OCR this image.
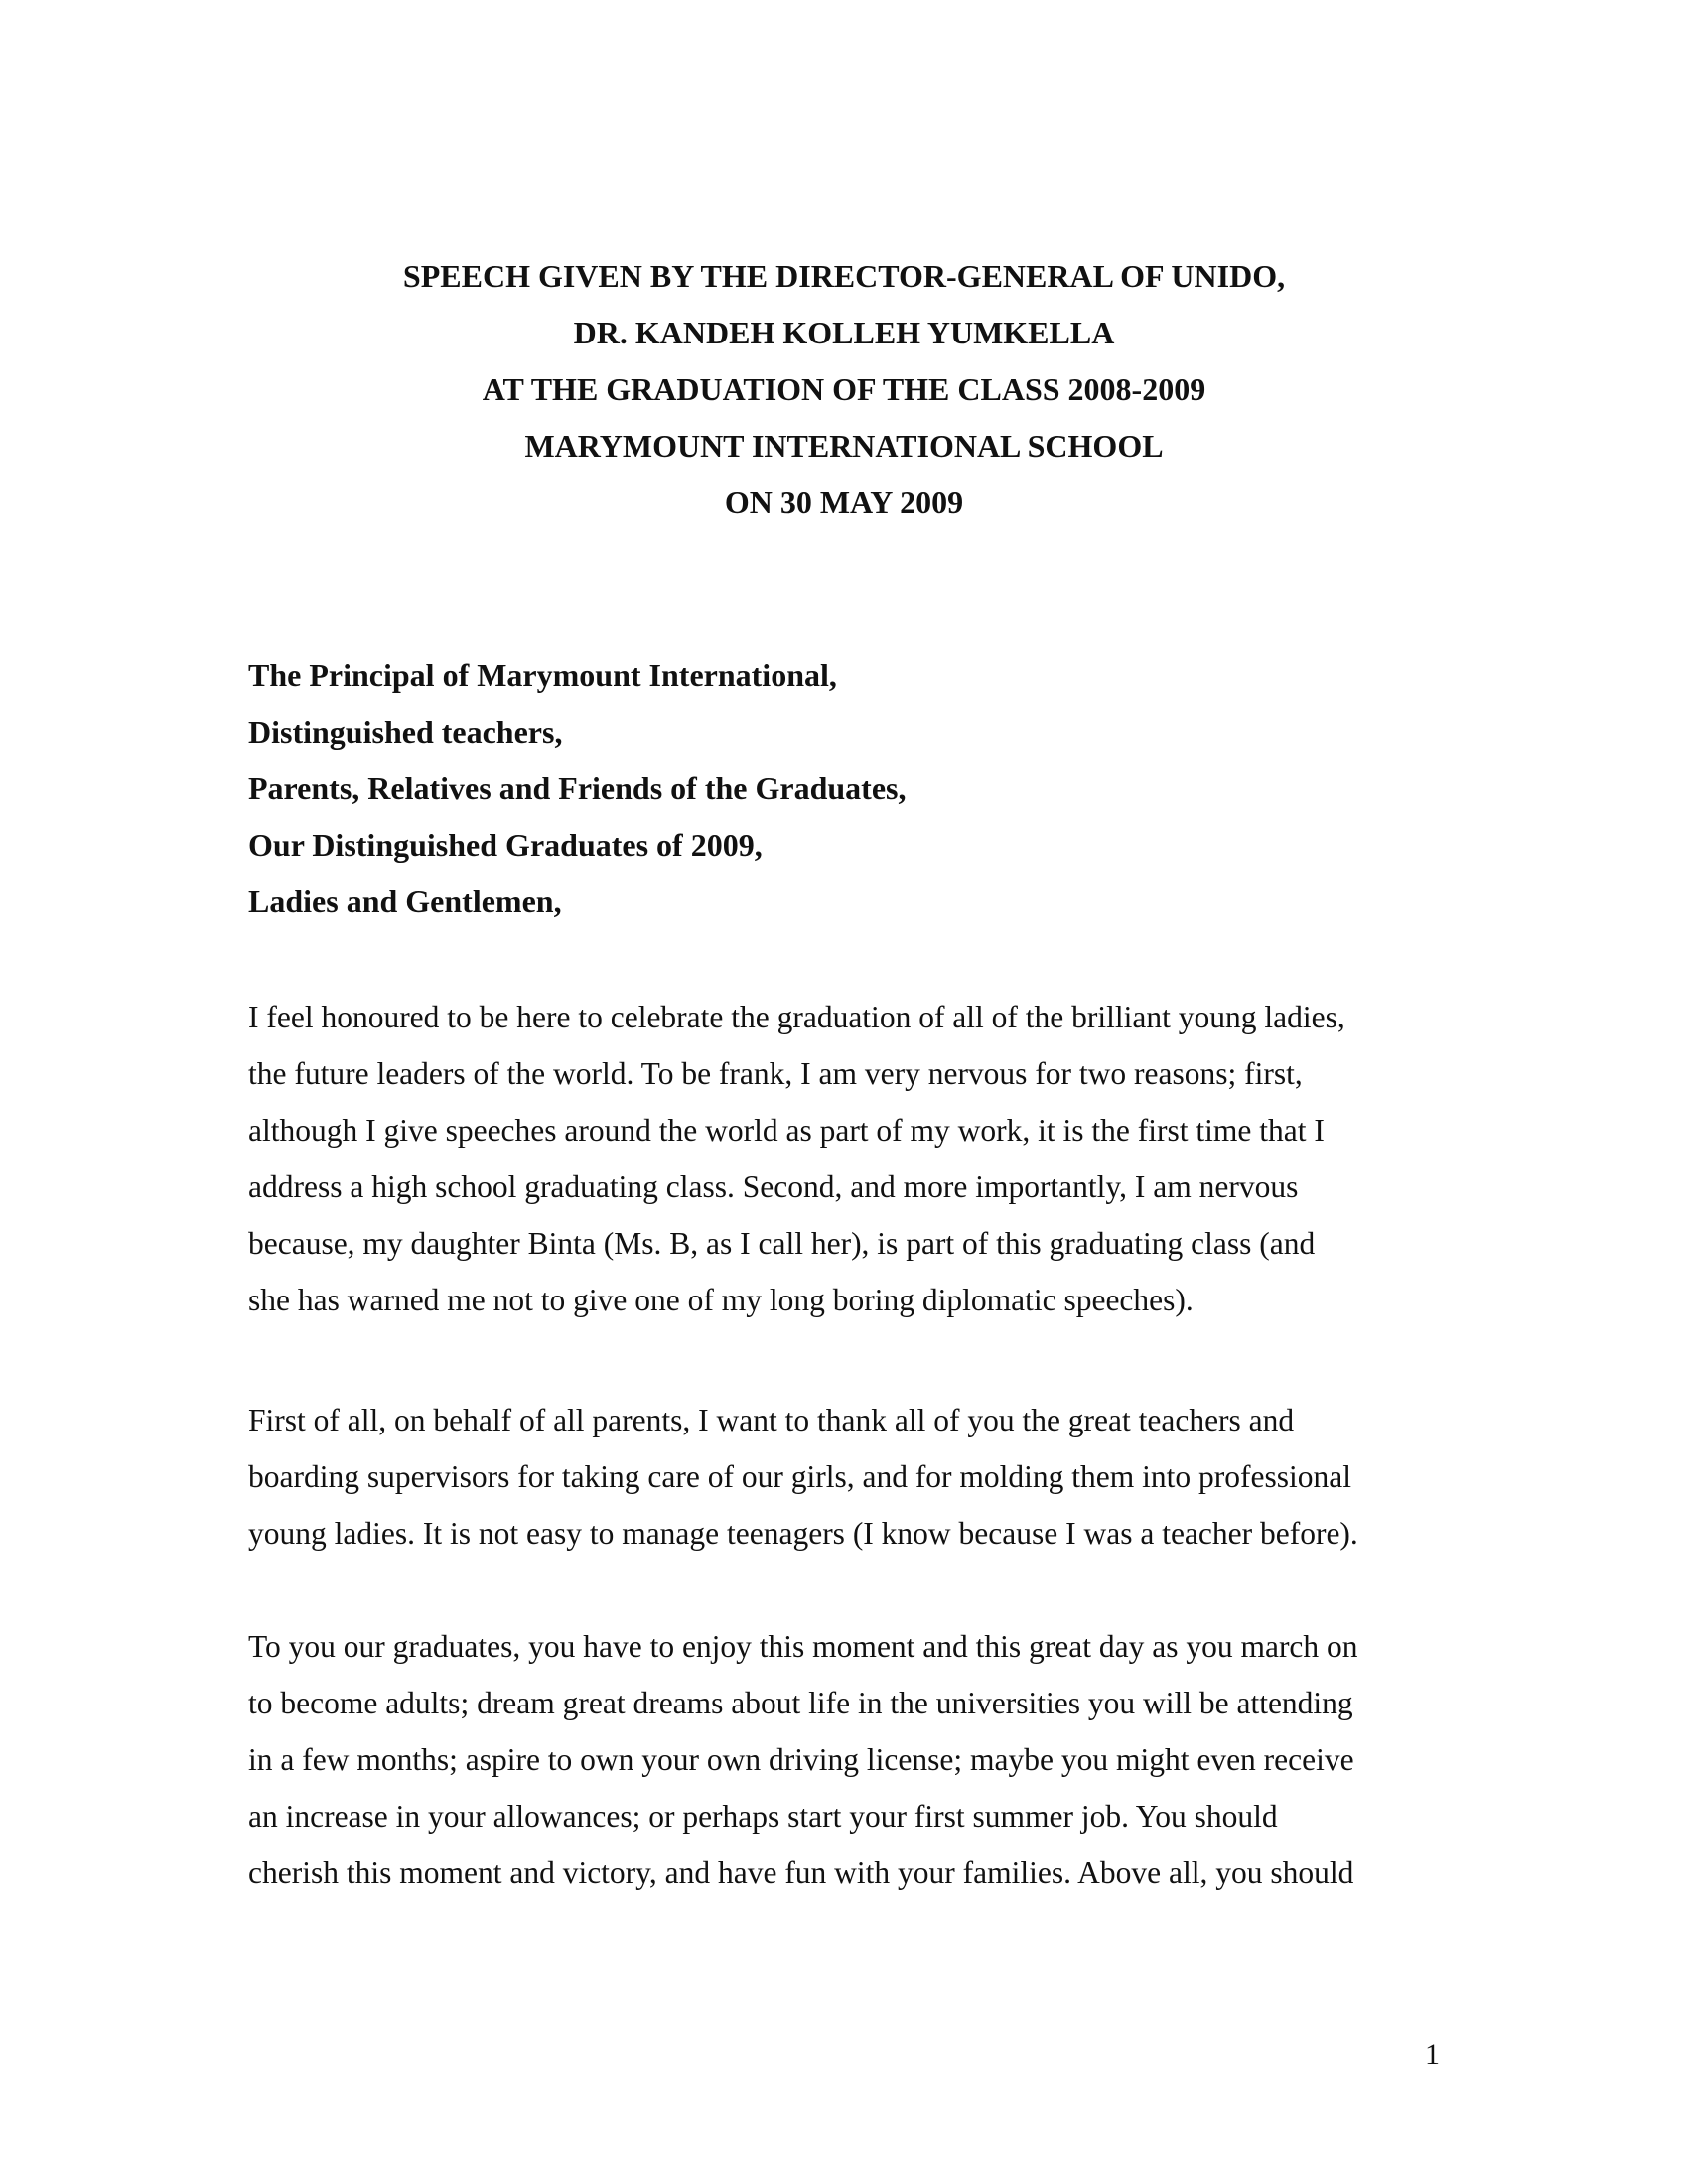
SPEECH GIVEN BY THE DIRECTOR-GENERAL OF UNIDO,
DR. KANDEH KOLLEH YUMKELLA
AT THE GRADUATION OF THE CLASS 2008-2009
MARYMOUNT INTERNATIONAL SCHOOL
ON 30 MAY 2009
The Principal of Marymount International,
Distinguished teachers,
Parents, Relatives and Friends of the Graduates,
Our Distinguished Graduates of 2009,
Ladies and Gentlemen,
I feel honoured to be here to celebrate the graduation of all of the brilliant young ladies,
the future leaders of the world. To be frank, I am very nervous for two reasons; first,
although I give speeches around the world as part of my work, it is the first time that I
address a high school graduating class. Second, and more importantly, I am nervous
because, my daughter Binta (Ms. B, as I call her), is part of this graduating class (and
she has warned me not to give one of my long boring diplomatic speeches).
First of all, on behalf of all parents, I want to thank all of you the great teachers and
boarding supervisors for taking care of our girls, and for molding them into professional
young ladies. It is not easy to manage teenagers (I know because I was a teacher before).
To you our graduates, you have to enjoy this moment and this great day as you march on
to become adults; dream great dreams about life in the universities you will be attending
in a few months; aspire to own your own driving license; maybe you might even receive
an increase in your allowances; or perhaps start your first summer job. You should
cherish this moment and victory, and have fun with your families. Above all, you should
1
